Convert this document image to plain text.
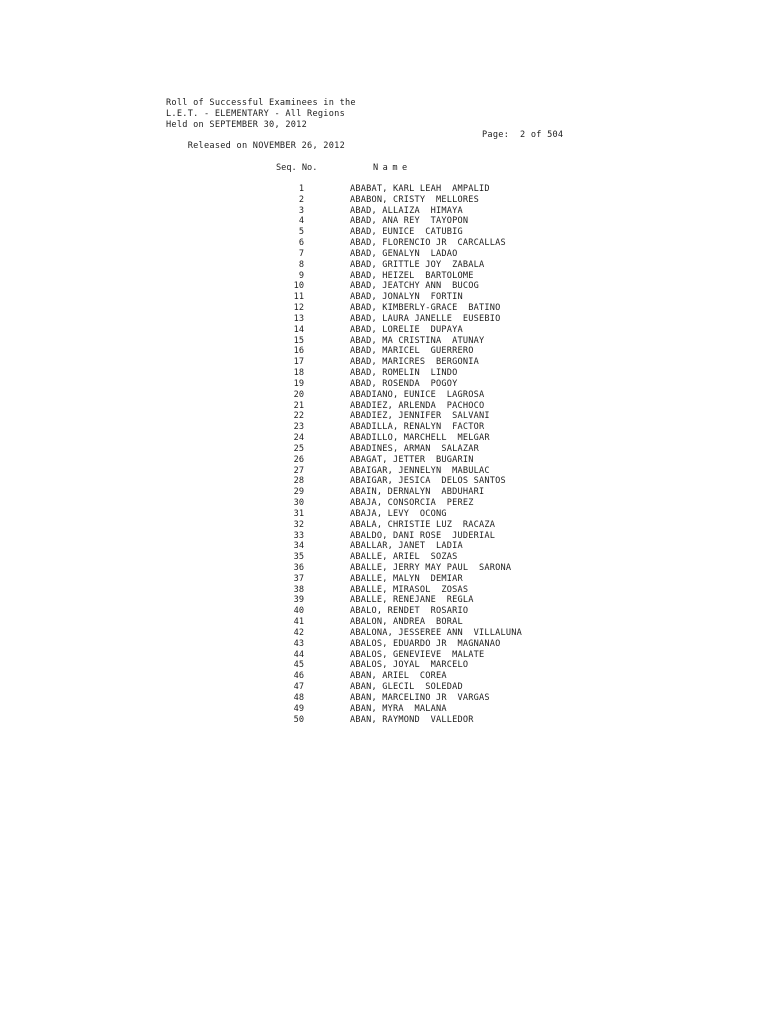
Roll of Successful Examinees in the
L.E.T. - ELEMENTARY - All Regions
Held on SEPTEMBER 30, 2012

Released on NOVEMBER 26, 2012

Page:  2 of 504

Seq. No.	Name
1	ABABAT, KARL LEAH  AMPALID
2	ABABON, CRISTY  MELLORES
3	ABAD, ALLAIZA  HIMAYA
4	ABAD, ANA REY  TAYOPON
5	ABAD, EUNICE  CATUBIG
6	ABAD, FLORENCIO JR  CARCALLAS
7	ABAD, GENALYN  LADAO
8	ABAD, GRITTLE JOY  ZABALA
9	ABAD, HEIZEL  BARTOLOME
10	ABAD, JEATCHY ANN  BUCOG
11	ABAD, JONALYN  FORTIN
12	ABAD, KIMBERLY-GRACE  BATINO
13	ABAD, LAURA JANELLE  EUSEBIO
14	ABAD, LORELIE  DUPAYA
15	ABAD, MA CRISTINA  ATUNAY
16	ABAD, MARICEL  GUERRERO
17	ABAD, MARICRES  BERGONIA
18	ABAD, ROMELIN  LINDO
19	ABAD, ROSENDA  POGOY
20	ABADIANO, EUNICE  LAGROSA
21	ABADIEZ, ARLENDA  PACHOCO
22	ABADIEZ, JENNIFER  SALVANI
23	ABADILLA, RENALYN  FACTOR
24	ABADILLO, MARCHELL  MELGAR
25	ABADINES, ARMAN  SALAZAR
26	ABAGAT, JETTER  BUGARIN
27	ABAIGAR, JENNELYN  MABULAC
28	ABAIGAR, JESICA  DELOS SANTOS
29	ABAIN, DERNALYN  ABDUHARI
30	ABAJA, CONSORCIA  PEREZ
31	ABAJA, LEVY  OCONG
32	ABALA, CHRISTIE LUZ  RACAZA
33	ABALDO, DANI ROSE  JUDERIAL
34	ABALLAR, JANET  LADIA
35	ABALLE, ARIEL  SOZAS
36	ABALLE, JERRY MAY PAUL  SARONA
37	ABALLE, MALYN  DEMIAR
38	ABALLE, MIRASOL  ZOSAS
39	ABALLE, RENEJANE  REGLA
40	ABALO, RENDET  ROSARIO
41	ABALON, ANDREA  BORAL
42	ABALONA, JESSEREE ANN  VILLALUNA
43	ABALOS, EDUARDO JR  MAGNANAO
44	ABALOS, GENEVIEVE  MALATE
45	ABALOS, JOYAL  MARCELO
46	ABAN, ARIEL  COREA
47	ABAN, GLECIL  SOLEDAD
48	ABAN, MARCELINO JR  VARGAS
49	ABAN, MYRA  MALANA
50	ABAN, RAYMOND  VALLEDOR
